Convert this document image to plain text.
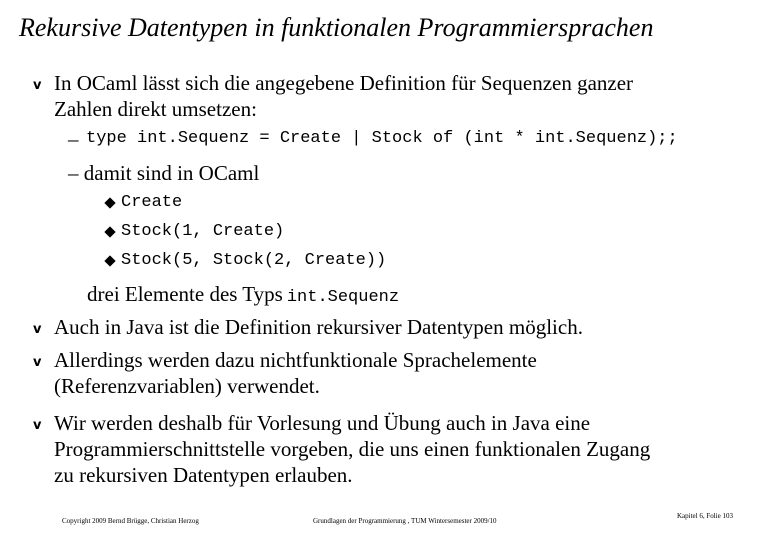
Rekursive Datentypen in funktionalen Programmiersprachen
v In OCaml lässt sich die angegebene Definition für Sequenzen ganzer
Zahlen direkt umsetzen:
– type int.Sequenz = Create | Stock of (int * int.Sequenz);;
– damit sind in OCaml
Create
Stock(1, Create)
Stock(5, Stock(2, Create))
drei Elemente des Typs int.Sequenz
v Auch in Java ist die Definition rekursiver Datentypen möglich.
v Allerdings werden dazu nichtfunktionale Sprachelemente
(Referenzvariablen) verwendet.
v Wir werden deshalb für Vorlesung und Übung auch in Java eine
Programmierschnittstelle vorgeben, die uns einen funktionalen Zugang
zu rekursiven Datentypen erlauben.
Copyright 2009 Bernd Brügge, Christian Herzog	Grundlagen der Programmierung , TUM Wintersemester 2009/10
Kapitel 6, Folie 103
